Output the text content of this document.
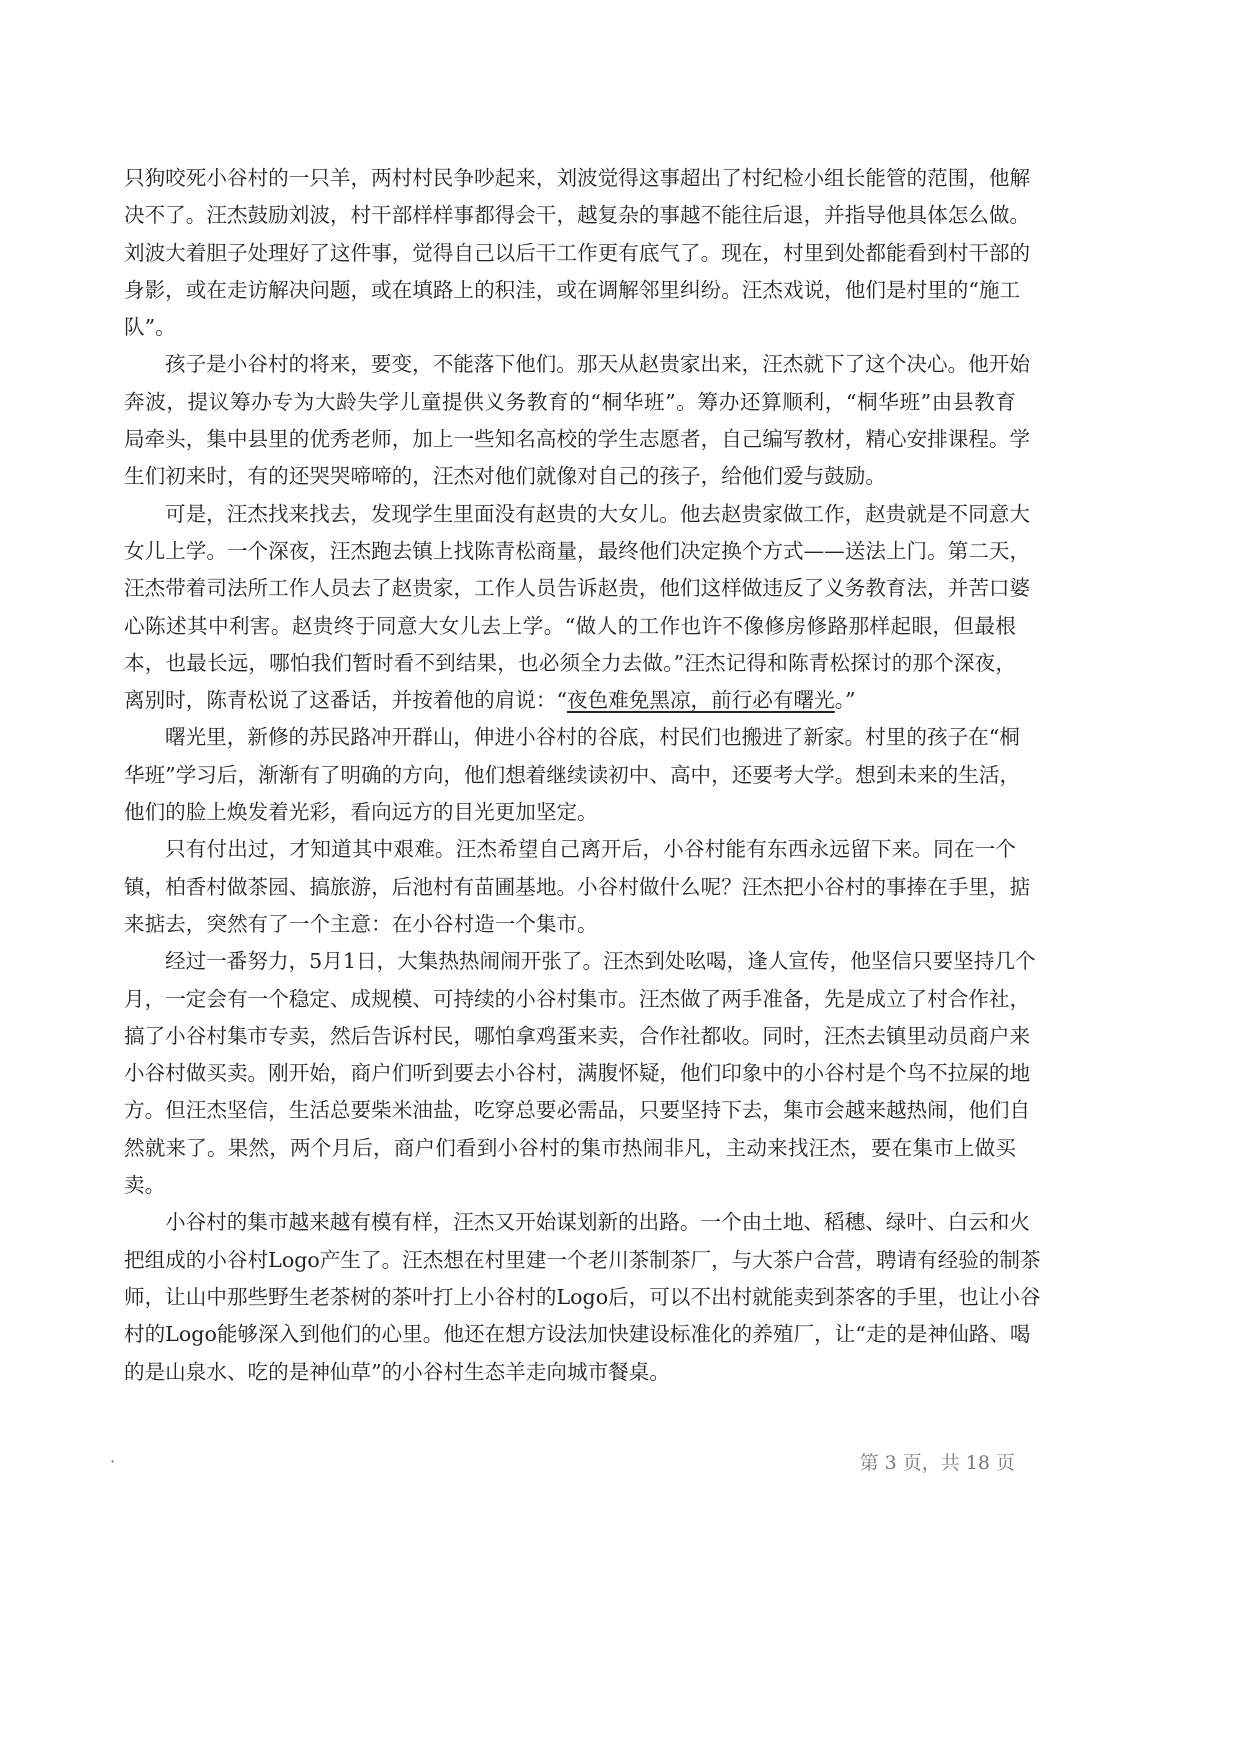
只狗咬死小谷村的一只羊，两村村民争吵起来，刘波觉得这事超出了村纪检小组长能管的范围，他解
决不了。汪杰鼓励刘波，村干部样样事都得会干，越复杂的事越不能往后退，并指导他具体怎么做。
刘波大着胆子处理好了这件事，觉得自己以后干工作更有底气了。现在，村里到处都能看到村干部的
身影，或在走访解决问题，或在填路上的积洼，或在调解邻里纠纷。汪杰戏说，他们是村里的“施工
队”。
孩子是小谷村的将来，要变，不能落下他们。那天从赵贵家出来，汪杰就下了这个决心。他开始
奔波，提议筹办专为大龄失学儿童提供义务教育的“桐华班”。筹办还算顺利，“桐华班”由县教育
局牵头，集中县里的优秀老师，加上一些知名高校的学生志愿者，自己编写教材，精心安排课程。学
生们初来时，有的还哭哭啼啼的，汪杰对他们就像对自己的孩子，给他们爱与鼓励。
可是，汪杰找来找去，发现学生里面没有赵贵的大女儿。他去赵贵家做工作，赵贵就是不同意大
女儿上学。一个深夜，汪杰跑去镇上找陈青松商量，最终他们决定换个方式——送法上门。第二天，
汪杰带着司法所工作人员去了赵贵家，工作人员告诉赵贵，他们这样做违反了义务教育法，并苦口婆
心陈述其中利害。赵贵终于同意大女儿去上学。“做人的工作也许不像修房修路那样起眼，但最根
本，也最长远，哪怕我们暂时看不到结果，也必须全力去做。”汪杰记得和陈青松探讨的那个深夜，
离别时，陈青松说了这番话，并按着他的肩说：“夜色难免黑凉，前行必有曙光。”
曙光里，新修的苏民路冲开群山，伸进小谷村的谷底，村民们也搬进了新家。村里的孩子在“桐
华班”学习后，渐渐有了明确的方向，他们想着继续读初中、高中，还要考大学。想到未来的生活，
他们的脸上焕发着光彩，看向远方的目光更加坚定。
只有付出过，才知道其中艰难。汪杰希望自己离开后，小谷村能有东西永远留下来。同在一个
镇，柏香村做茶园、搞旅游，后池村有苗圃基地。小谷村做什么呢？汪杰把小谷村的事捧在手里，掂
来掂去，突然有了一个主意：在小谷村造一个集市。
经过一番努力，5月1日，大集热热闹闹开张了。汪杰到处吆喝，逢人宣传，他坚信只要坚持几个
月，一定会有一个稳定、成规模、可持续的小谷村集市。汪杰做了两手准备，先是成立了村合作社，
搞了小谷村集市专卖，然后告诉村民，哪怕拿鸡蛋来卖，合作社都收。同时，汪杰去镇里动员商户来
小谷村做买卖。刚开始，商户们听到要去小谷村，满腹怀疑，他们印象中的小谷村是个鸟不拉屎的地
方。但汪杰坚信，生活总要柴米油盐，吃穿总要必需品，只要坚持下去，集市会越来越热闹，他们自
然就来了。果然，两个月后，商户们看到小谷村的集市热闹非凡，主动来找汪杰，要在集市上做买
卖。
小谷村的集市越来越有模有样，汪杰又开始谋划新的出路。一个由土地、稻穗、绿叶、白云和火
把组成的小谷村Logo产生了。汪杰想在村里建一个老川茶制茶厂，与大茶户合营，聘请有经验的制茶
师，让山中那些野生老茶树的茶叶打上小谷村的Logo后，可以不出村就能卖到茶客的手里，也让小谷
村的Logo能够深入到他们的心里。他还在想方设法加快建设标准化的养殖厂，让“走的是神仙路、喝
的是山泉水、吃的是神仙草”的小谷村生态羊走向城市餐桌。
·	第 3 页，共 18 页
